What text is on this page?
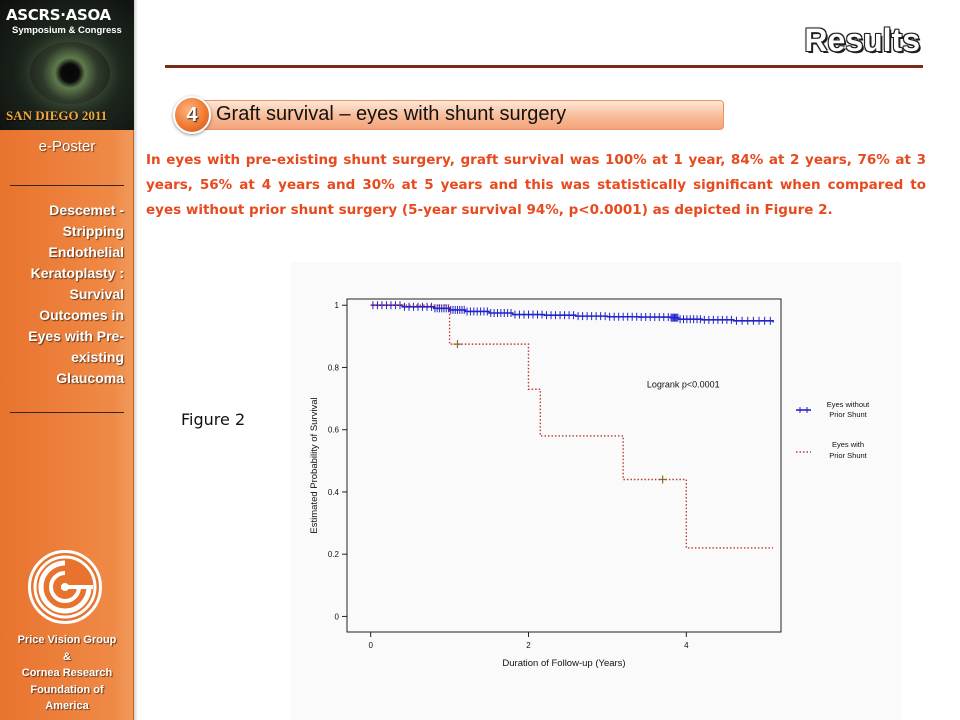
ASCRS·ASOA
Symposium & Congress
SAN DIEGO 2011
e-Poster
Descemet - Stripping Endothelial Keratoplasty : Survival Outcomes in Eyes with Pre-existing Glaucoma
Price Vision Group
&
Cornea Research
Foundation of
America
Results
4 Graft survival – eyes with shunt surgery
In eyes with pre-existing shunt surgery, graft survival was 100% at 1 year, 84% at 2 years, 76% at 3 years, 56% at 4 years and 30% at 5 years and this was statistically significant when compared to eyes without prior shunt surgery (5-year survival 94%, p<0.0001) as depicted in Figure 2.
Figure 2
0
0.2
0.4
0.6
0.8
1
0	2	4
Duration of Follow-up (Years)
Estimated Probability of Survival
Logrank p<0.0001
Eyes without
Prior Shunt
Eyes with
Prior Shunt
